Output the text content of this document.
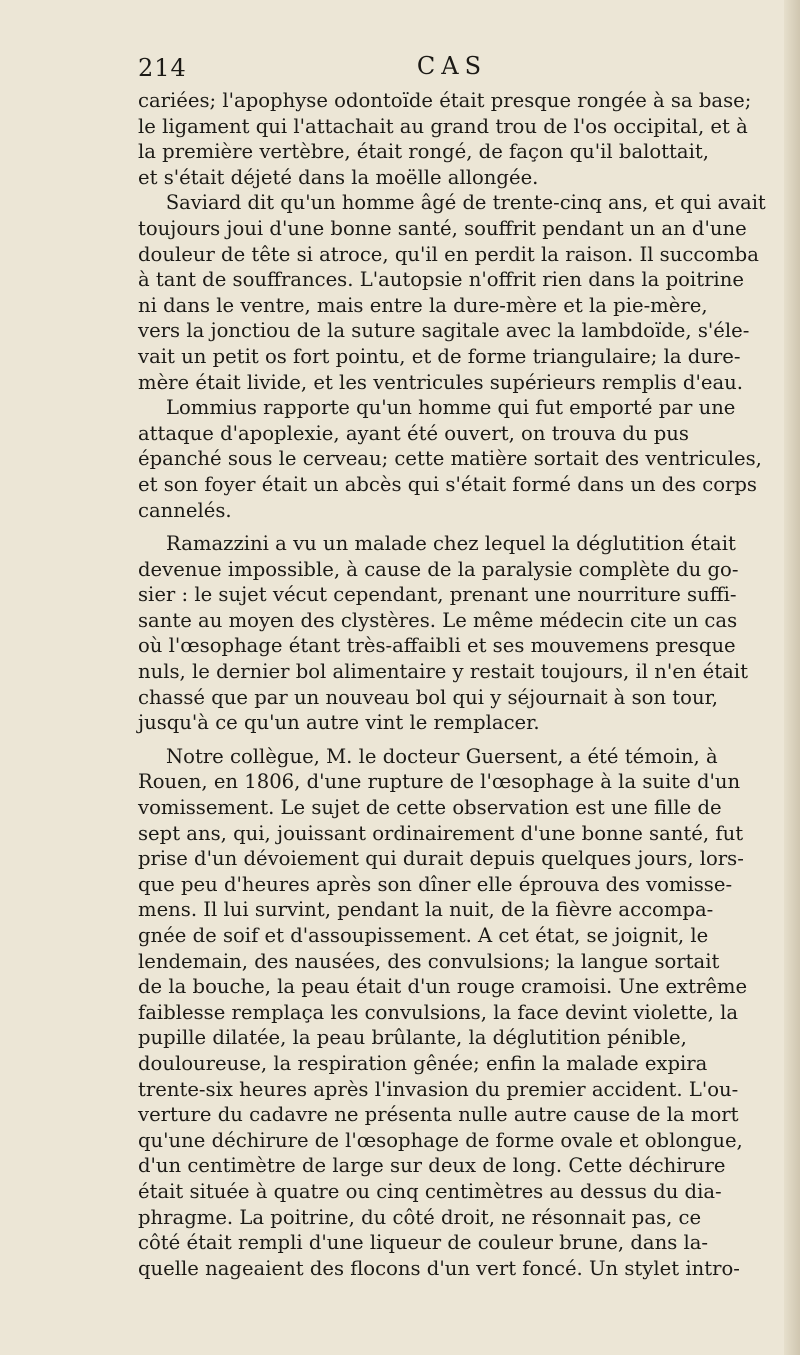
214	CAS

cariées; l'apophyse odontoïde était presque rongée à sa base;

le ligament qui l'attachait au grand trou de l'os occipital, et à

la première vertèbre, était rongé, de façon qu'il balottait,

et s'était déjeté dans la moëlle allongée.

Saviard dit qu'un homme âgé de trente-cinq ans, et qui avait

toujours joui d'une bonne santé, souffrit pendant un an d'une

douleur de tête si atroce, qu'il en perdit la raison. Il succomba

à tant de souffrances. L'autopsie n'offrit rien dans la poitrine

ni dans le ventre, mais entre la dure-mère et la pie-mère,

vers la jonctiou de la suture sagitale avec la lambdoïde, s'éle-

vait un petit os fort pointu, et de forme triangulaire; la dure-

mère était livide, et les ventricules supérieurs remplis d'eau.

Lommius rapporte qu'un homme qui fut emporté par une

attaque d'apoplexie, ayant été ouvert, on trouva du pus

épanché sous le cerveau; cette matière sortait des ventricules,

et son foyer était un abcès qui s'était formé dans un des corps

cannelés.

Ramazzini a vu un malade chez lequel la déglutition était

devenue impossible, à cause de la paralysie complète du go-

sier : le sujet vécut cependant, prenant une nourriture suffi-

sante au moyen des clystères. Le même médecin cite un cas

où l'œsophage étant très-affaibli et ses mouvemens presque

nuls, le dernier bol alimentaire y restait toujours, il n'en était

chassé que par un nouveau bol qui y séjournait à son tour,

jusqu'à ce qu'un autre vint le remplacer.

Notre collègue, M. le docteur Guersent, a été témoin, à

Rouen, en 1806, d'une rupture de l'œsophage à la suite d'un

vomissement. Le sujet de cette observation est une fille de

sept ans, qui, jouissant ordinairement d'une bonne santé, fut

prise d'un dévoiement qui durait depuis quelques jours, lors-

que peu d'heures après son dîner elle éprouva des vomisse-

mens. Il lui survint, pendant la nuit, de la fièvre accompa-

gnée de soif et d'assoupissement. A cet état, se joignit, le

lendemain, des nausées, des convulsions; la langue sortait

de la bouche, la peau était d'un rouge cramoisi. Une extrême

faiblesse remplaça les convulsions, la face devint violette, la

pupille dilatée, la peau brûlante, la déglutition pénible,

douloureuse, la respiration gênée; enfin la malade expira

trente-six heures après l'invasion du premier accident. L'ou-

verture du cadavre ne présenta nulle autre cause de la mort

qu'une déchirure de l'œsophage de forme ovale et oblongue,

d'un centimètre de large sur deux de long. Cette déchirure

était située à quatre ou cinq centimètres au dessus du dia-

phragme. La poitrine, du côté droit, ne résonnait pas, ce

côté était rempli d'une liqueur de couleur brune, dans la-

quelle nageaient des flocons d'un vert foncé. Un stylet intro-
